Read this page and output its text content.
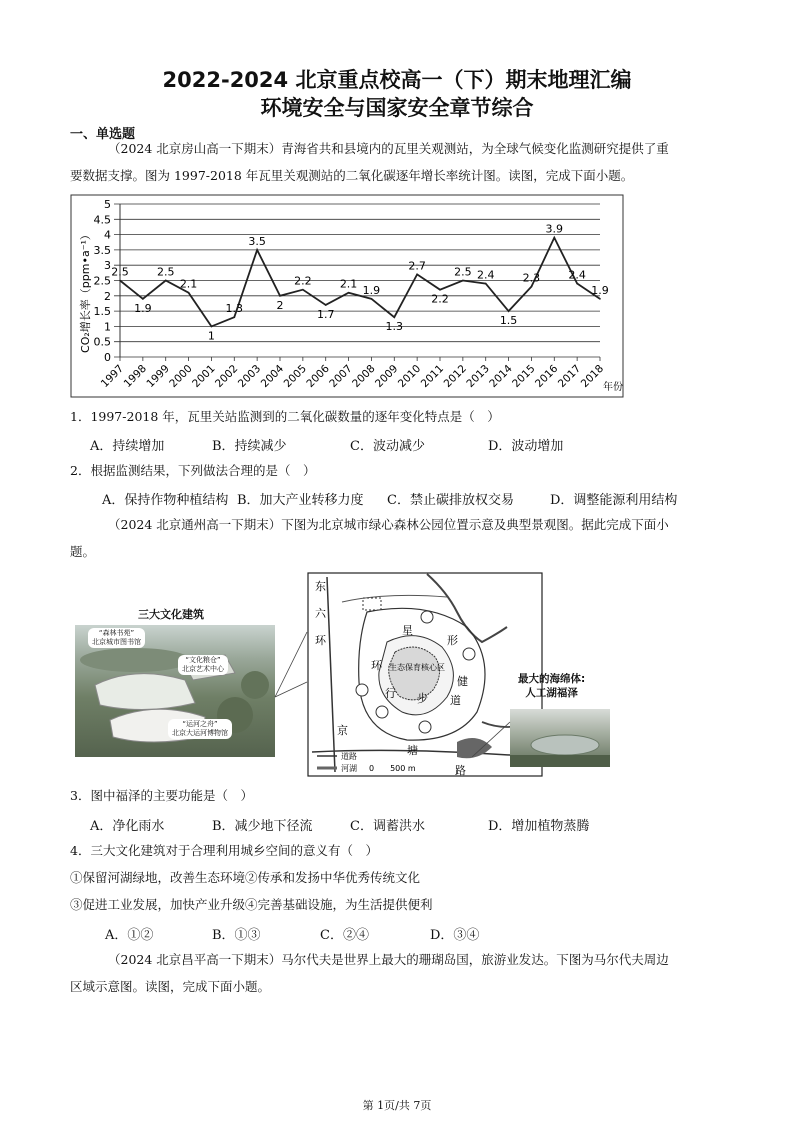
2022-2024 北京重点校高一（下）期末地理汇编
环境安全与国家安全章节综合
一、单选题
（2024 北京房山高一下期末）青海省共和县境内的瓦里关观测站，为全球气候变化监测研究提供了重
要数据支撑。图为 1997-2018 年瓦里关观测站的二氧化碳逐年增长率统计图。读图，完成下面小题。
0
0.5
1
1.5
2
2.5
3
3.5
4
4.5
5
1997
1998
1999
2000
2001
2002
2003
2004
2005
2006
2007
2008
2009
2010
2011
2012
2013
2014
2015
2016
2017
2018
2.5
1.9
2.5
2.1
1
1.3
3.5
2
2.2
1.7
2.1 1.9
1.3
2.7
2.2
2.5 2.4
1.5
2.3
3.9
2.4
1.9
CO₂增长率（ppm•a⁻¹）
年份
1．1997-2018 年，瓦里关站监测到的二氧化碳数量的逐年变化特点是（　）
A．持续增加	B．持续减少	C．波动减少	D．波动增加
2．根据监测结果，下列做法合理的是（　）
A．保持作物种植结构 B．加大产业转移力度 C．禁止碳排放权交易	D．调整能源利用结构
（2024 北京通州高一下期末）下图为北京城市绿心森林公园位置示意及典型景观图。据此完成下面小
题。
三大文化建筑
“森林书苑”
北京城市图书馆
“文化粮仓”
北京艺术中心
“运河之舟”
北京大运河博物馆
东
六
环
星
形
健
环
行 步 道
京
塘
路
生态保育核心区
道路
河湖 0　　500 m
最大的海绵体:
人工湖福泽
3．图中福泽的主要功能是（　）
A．净化雨水	B．减少地下径流	C．调蓄洪水	D．增加植物蒸腾
4．三大文化建筑对于合理利用城乡空间的意义有（　）
①保留河湖绿地，改善生态环境②传承和发扬中华优秀传统文化
③促进工业发展，加快产业升级④完善基础设施，为生活提供便利
A．①②	B．①③	C．②④	D．③④
（2024 北京昌平高一下期末）马尔代夫是世界上最大的珊瑚岛国，旅游业发达。下图为马尔代夫周边
区域示意图。读图，完成下面小题。
第 1页/共 7页
